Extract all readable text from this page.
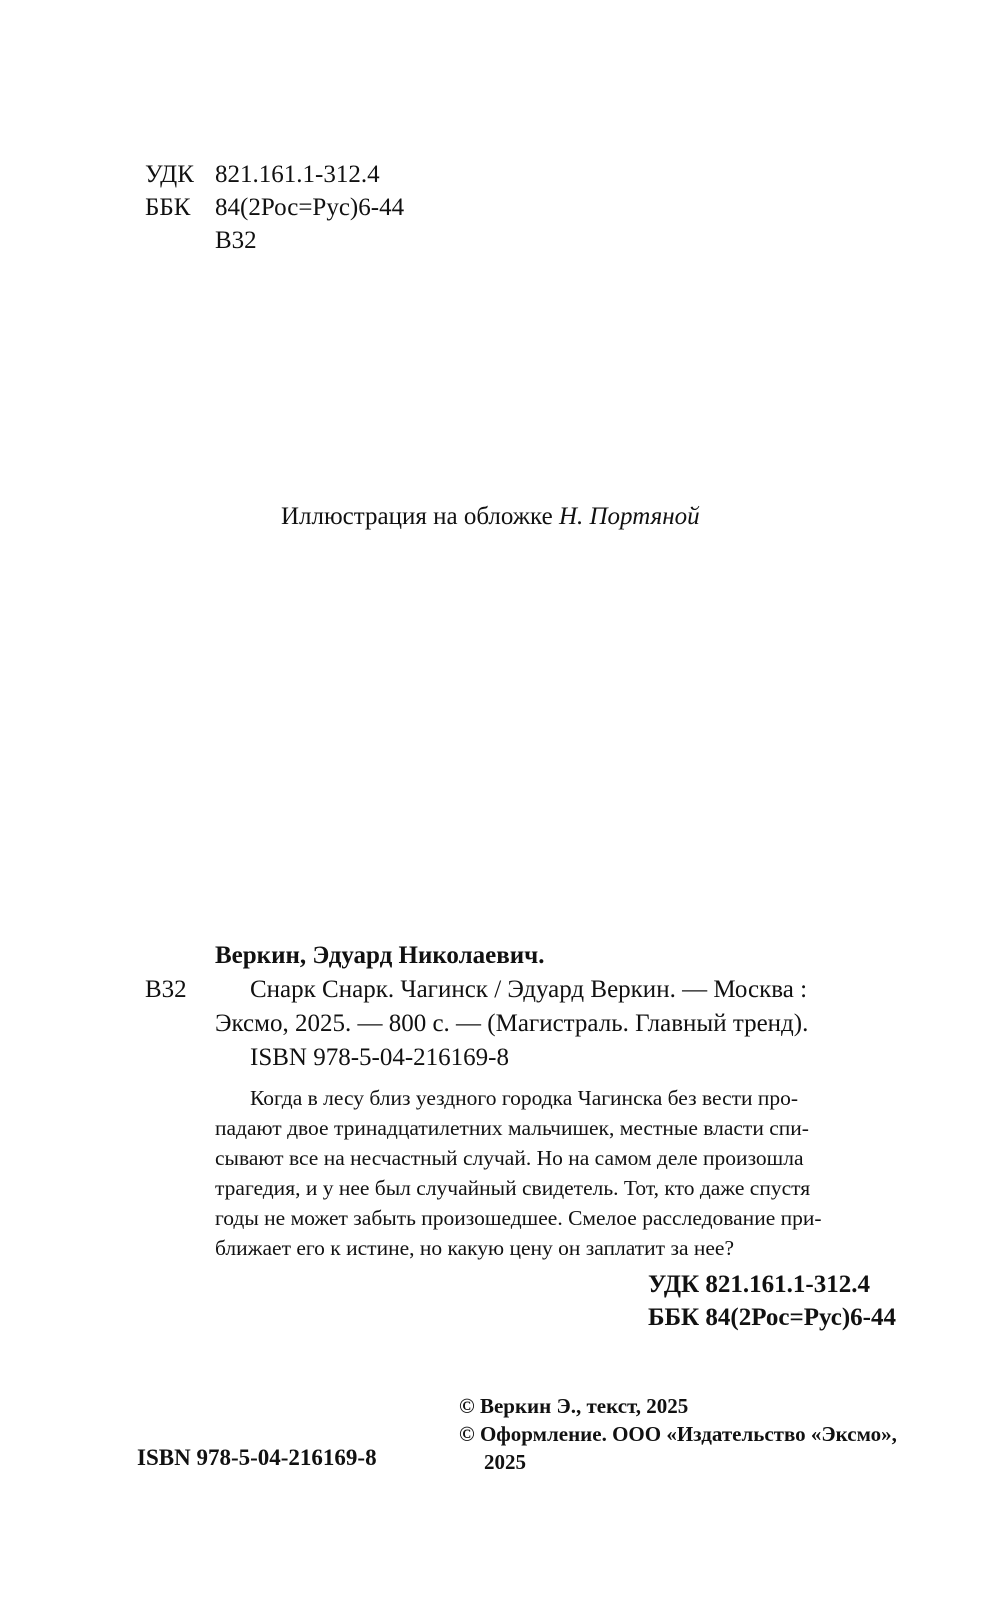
УДК 821.161.1-312.4
ББК 84(2Рос=Рус)6-44
В32
Иллюстрация на обложке Н. Портяной
Веркин, Эдуард Николаевич.
В32	Снарк Снарк. Чагинск / Эдуард Веркин. — Москва :
Эксмо, 2025. — 800 с. — (Магистраль. Главный тренд).
ISBN 978-5-04-216169-8
Когда в лесу близ уездного городка Чагинска без вести про-
падают двое тринадцатилетних мальчишек, местные власти спи-
сывают все на несчастный случай. Но на самом деле произошла
трагедия, и у нее был случайный свидетель. Тот, кто даже спустя
годы не может забыть произошедшее. Смелое расследование при-
ближает его к истине, но какую цену он заплатит за нее?
УДК 821.161.1-312.4
ББК 84(2Рос=Рус)6-44
© Веркин Э., текст, 2025
© Оформление. ООО «Издательство «Эксмо»,
2025
ISBN 978-5-04-216169-8
